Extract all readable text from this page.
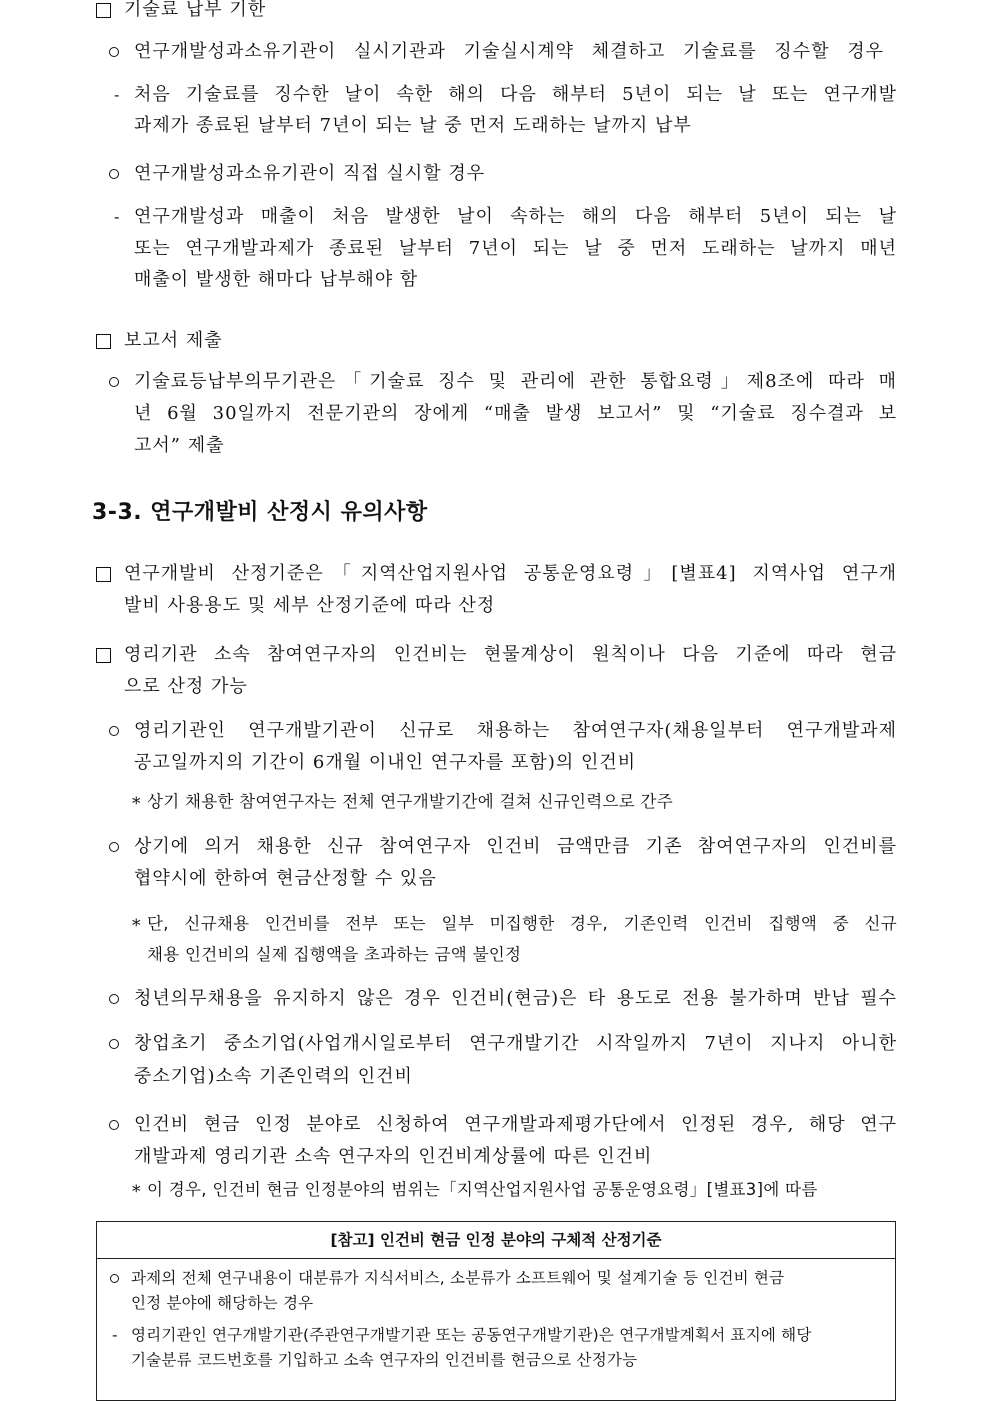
기술료 납부 기한
연구개발성과소유기관이 실시기관과 기술실시계약 체결하고 기술료를 징수할 경우
- 처음 기술료를 징수한 날이 속한 해의 다음 해부터 5년이 되는 날 또는 연구개발
과제가 종료된 날부터 7년이 되는 날 중 먼저 도래하는 날까지 납부
연구개발성과소유기관이 직접 실시할 경우
- 연구개발성과 매출이 처음 발생한 날이 속하는 해의 다음 해부터 5년이 되는 날
또는 연구개발과제가 종료된 날부터 7년이 되는 날 중 먼저 도래하는 날까지 매년
매출이 발생한 해마다 납부해야 함
보고서 제출
기술료등납부의무기관은「기술료 징수 및 관리에 관한 통합요령」제8조에 따라 매
년 6월 30일까지 전문기관의 장에게 “매출 발생 보고서” 및 “기술료 징수결과 보
고서” 제출
3-3. 연구개발비 산정시 유의사항
연구개발비 산정기준은「지역산업지원사업 공통운영요령」[별표4] 지역사업 연구개
발비 사용용도 및 세부 산정기준에 따라 산정
영리기관 소속 참여연구자의 인건비는 현물계상이 원칙이나 다음 기준에 따라 현금
으로 산정 가능
영리기관인 연구개발기관이 신규로 채용하는 참여연구자(채용일부터 연구개발과제
공고일까지의 기간이 6개월 이내인 연구자를 포함)의 인건비
* 상기 채용한 참여연구자는 전체 연구개발기간에 걸쳐 신규인력으로 간주
상기에 의거 채용한 신규 참여연구자 인건비 금액만큼 기존 참여연구자의 인건비를
협약시에 한하여 현금산정할 수 있음
* 단, 신규채용 인건비를 전부 또는 일부 미집행한 경우, 기존인력 인건비 집행액 중 신규
채용 인건비의 실제 집행액을 초과하는 금액 불인정
청년의무채용을 유지하지 않은 경우 인건비(현금)은 타 용도로 전용 불가하며 반납 필수
창업초기 중소기업(사업개시일로부터 연구개발기간 시작일까지 7년이 지나지 아니한
중소기업)소속 기존인력의 인건비
인건비 현금 인정 분야로 신청하여 연구개발과제평가단에서 인정된 경우, 해당 연구
개발과제 영리기관 소속 연구자의 인건비계상률에 따른 인건비
* 이 경우, 인건비 현금 인정분야의 범위는「지역산업지원사업 공통운영요령」[별표3]에 따름
[참고] 인건비 현금 인정 분야의 구체적 산정기준
과제의 전체 연구내용이 대분류가 지식서비스, 소분류가 소프트웨어 및 설계기술 등 인건비 현금
인정 분야에 해당하는 경우
- 영리기관인 연구개발기관(주관연구개발기관 또는 공동연구개발기관)은 연구개발계획서 표지에 해당
기술분류 코드번호를 기입하고 소속 연구자의 인건비를 현금으로 산정가능
